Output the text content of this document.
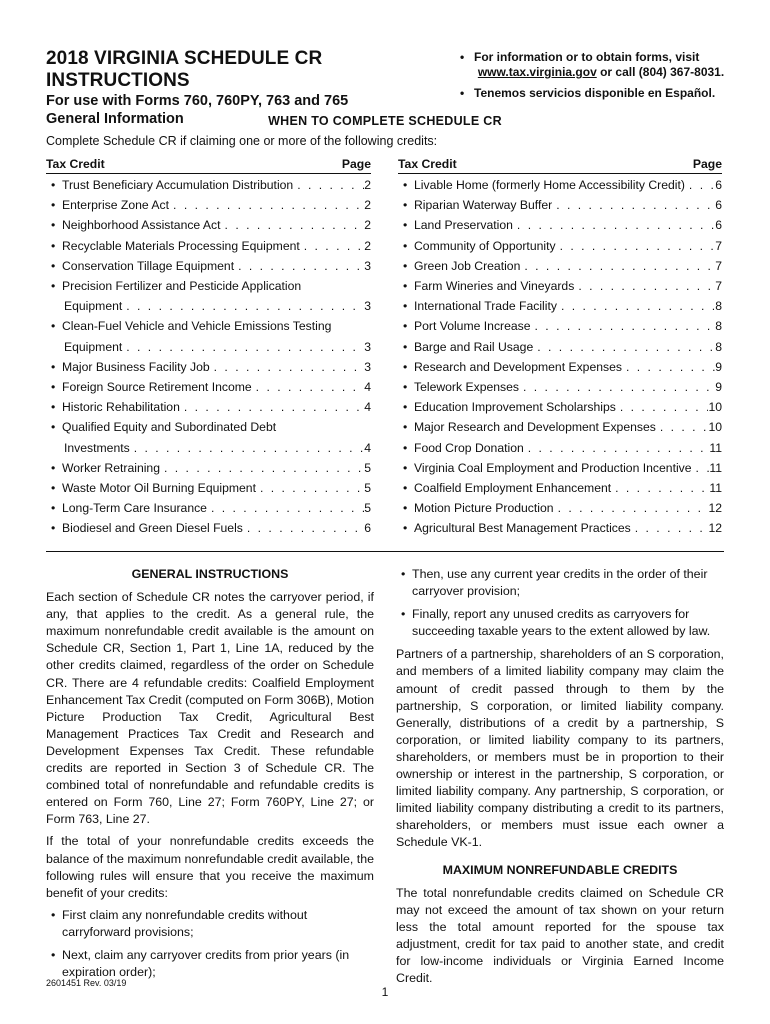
2018 VIRGINIA SCHEDULE CR INSTRUCTIONS
For use with Forms 760, 760PY, 763 and 765
General Information
• For information or to obtain forms, visit

www.tax.virginia.gov or call (804) 367-8031.
• Tenemos servicios disponible en Español.
WHEN TO COMPLETE SCHEDULE CR
Complete Schedule CR if claiming one or more of the following credits:
Tax Credit	Page
• Trust Beneficiary Accumulation Distribution . . .	2
• Enterprise Zone Act . . .	2
• Neighborhood Assistance Act . . .	2
• Recyclable Materials Processing Equipment . . .	2
• Conservation Tillage Equipment . . .	3
• Precision Fertilizer and Pesticide Application
Equipment . . .	3
• Clean-Fuel Vehicle and Vehicle Emissions Testing
Equipment . . .	3
• Major Business Facility Job . . .	3
• Foreign Source Retirement Income . . .	4
• Historic Rehabilitation . . .	4
• Qualified Equity and Subordinated Debt
Investments . . .	4
• Worker Retraining . . .	5
• Waste Motor Oil Burning Equipment . . .	5
• Long-Term Care Insurance . . .	5
• Biodiesel and Green Diesel Fuels . . .	6
Tax Credit	Page
• Livable Home (formerly Home Accessibility Credit) . . . 6
• Riparian Waterway Buffer . . .	6
• Land Preservation . . .	6
• Community of Opportunity . . .	7
• Green Job Creation . . .	7
• Farm Wineries and Vineyards . . .	7
• International Trade Facility . . .	8
• Port Volume Increase . . .	8
• Barge and Rail Usage . . .	8
• Research and Development Expenses . . .	9
• Telework Expenses . . .	9
• Education Improvement Scholarships . . .	10
• Major Research and Development Expenses . . .	10
• Food Crop Donation . . .	11
• Virginia Coal Employment and Production Incentive . . . 11
• Coalfield Employment Enhancement . . .	11
• Motion Picture Production . . .	12
• Agricultural Best Management Practices . . .	12
GENERAL INSTRUCTIONS

Each section of Schedule CR notes the carryover period, if any, that applies to the credit. As a general rule, the maximum nonrefundable credit available is the amount on Schedule CR, Section 1, Part 1, Line 1A, reduced by the other credits claimed, regardless of the order on Schedule CR. There are 4 refundable credits: Coalfield Employment Enhancement Tax Credit (computed on Form 306B), Motion Picture Production Tax Credit, Agricultural Best Management Practices Tax Credit and Research and Development Expenses Tax Credit. These refundable credits are reported in Section 3 of Schedule CR. The combined total of nonrefundable and refundable credits is entered on Form 760, Line 27; Form 760PY, Line 27; or Form 763, Line 27.

If the total of your nonrefundable credits exceeds the balance of the maximum nonrefundable credit available, the following rules will ensure that you receive the maximum benefit of your credits:

• First claim any nonrefundable credits without carryforward provisions;
• Next, claim any carryover credits from prior years (in expiration order);
• Then, use any current year credits in the order of their carryover provision;
• Finally, report any unused credits as carryovers for succeeding taxable years to the extent allowed by law.

Partners of a partnership, shareholders of an S corporation, and members of a limited liability company may claim the amount of credit passed through to them by the partnership, S corporation, or limited liability company. Generally, distributions of a credit by a partnership, S corporation, or limited liability company to its partners, shareholders, or members must be in proportion to their ownership or interest in the partnership, S corporation, or limited liability company. Any partnership, S corporation, or limited liability company distributing a credit to its partners, shareholders, or members must issue each owner a Schedule VK-1.

MAXIMUM NONREFUNDABLE CREDITS

The total nonrefundable credits claimed on Schedule CR may not exceed the amount of tax shown on your return less the total amount reported for the spouse tax adjustment, credit for tax paid to another state, and credit for low-income individuals or Virginia Earned Income Credit.

2601451 Rev. 03/19
1
